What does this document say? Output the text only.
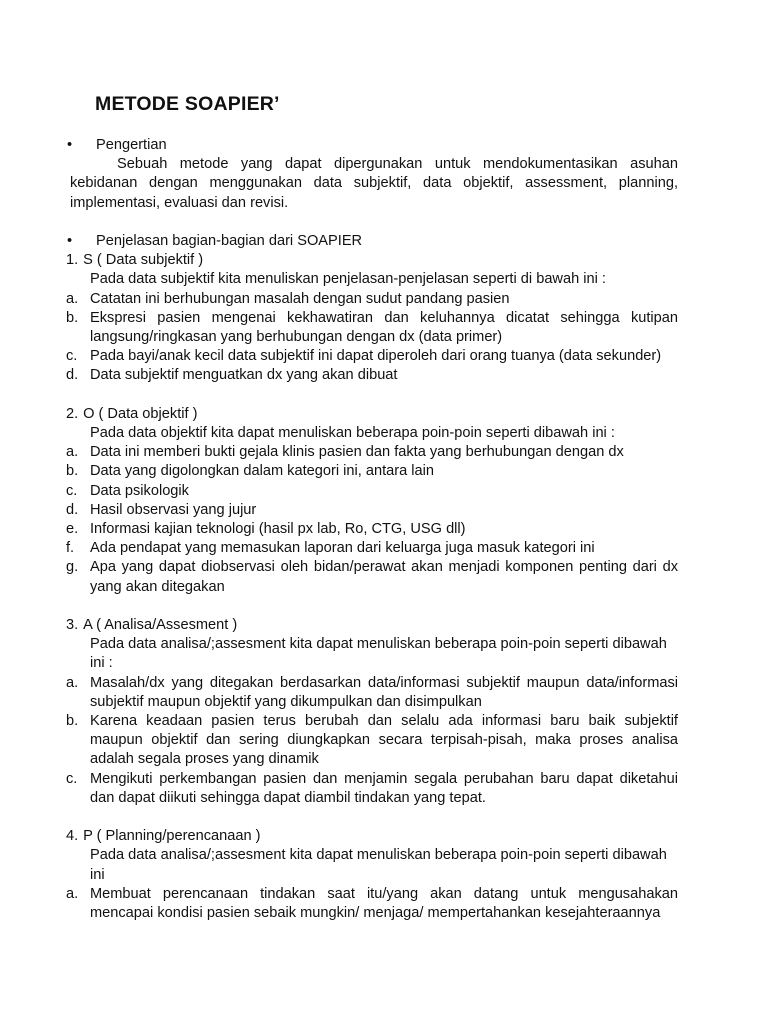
METODE SOAPIER’
• Pengertian
Sebuah metode yang dapat dipergunakan untuk mendokumentasikan asuhan kebidanan dengan menggunakan data subjektif, data objektif, assessment, planning, implementasi, evaluasi dan revisi.
• Penjelasan bagian-bagian dari SOAPIER
1. S ( Data subjektif )
Pada data subjektif kita menuliskan penjelasan-penjelasan seperti di bawah ini :
a. Catatan ini berhubungan masalah dengan sudut pandang pasien
b. Ekspresi pasien mengenai kekhawatiran dan keluhannya dicatat sehingga kutipan langsung/ringkasan yang berhubungan dengan dx (data primer)
c. Pada bayi/anak kecil data subjektif ini dapat diperoleh dari orang tuanya (data sekunder)
d. Data subjektif menguatkan dx yang akan dibuat
2. O ( Data objektif )
Pada data objektif kita dapat menuliskan beberapa poin-poin seperti dibawah ini :
a. Data ini memberi bukti gejala klinis pasien dan fakta yang berhubungan dengan dx
b. Data yang digolongkan dalam kategori ini, antara lain
c. Data psikologik
d. Hasil observasi yang jujur
e. Informasi kajian teknologi (hasil px lab, Ro, CTG, USG dll)
f. Ada pendapat yang memasukan laporan dari keluarga juga masuk kategori ini
g. Apa yang dapat diobservasi oleh bidan/perawat akan menjadi komponen penting dari dx yang akan ditegakan
3. A ( Analisa/Assesment )
Pada data analisa/;assesment kita dapat menuliskan beberapa poin-poin seperti dibawah ini :
a. Masalah/dx yang ditegakan berdasarkan data/informasi subjektif maupun data/informasi subjektif maupun objektif yang dikumpulkan dan disimpulkan
b. Karena keadaan pasien terus berubah dan selalu ada informasi baru baik subjektif maupun objektif dan sering diungkapkan secara terpisah-pisah, maka proses analisa adalah segala proses yang dinamik
c. Mengikuti perkembangan pasien dan menjamin segala perubahan baru dapat diketahui dan dapat diikuti sehingga dapat diambil tindakan yang tepat.
4. P ( Planning/perencanaan )
Pada data analisa/;assesment kita dapat menuliskan beberapa poin-poin seperti dibawah ini
a. Membuat perencanaan tindakan saat itu/yang akan datang untuk mengusahakan mencapai kondisi pasien sebaik mungkin/ menjaga/ mempertahankan kesejahteraannya
